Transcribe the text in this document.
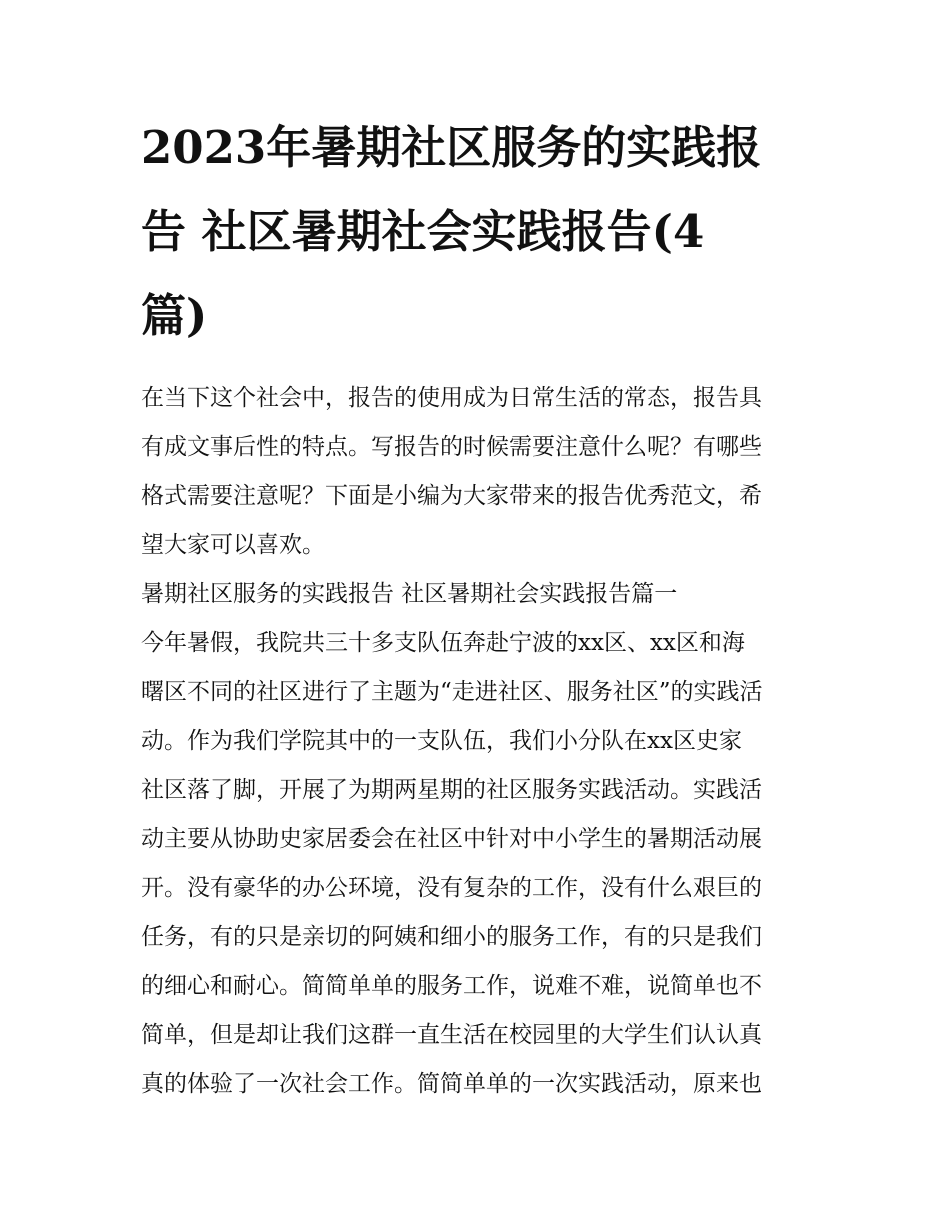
2023年暑期社区服务的实践报
告 社区暑期社会实践报告(4
篇)
在当下这个社会中，报告的使用成为日常生活的常态，报告具
有成文事后性的特点。写报告的时候需要注意什么呢？有哪些
格式需要注意呢？下面是小编为大家带来的报告优秀范文，希
望大家可以喜欢。
暑期社区服务的实践报告 社区暑期社会实践报告篇一
今年暑假，我院共三十多支队伍奔赴宁波的xx区、xx区和海
曙区不同的社区进行了主题为“走进社区、服务社区”的实践活
动。作为我们学院其中的一支队伍，我们小分队在xx区史家
社区落了脚，开展了为期两星期的社区服务实践活动。实践活
动主要从协助史家居委会在社区中针对中小学生的暑期活动展
开。没有豪华的办公环境，没有复杂的工作，没有什么艰巨的
任务，有的只是亲切的阿姨和细小的服务工作，有的只是我们
的细心和耐心。简简单单的服务工作，说难不难，说简单也不
简单，但是却让我们这群一直生活在校园里的大学生们认认真
真的体验了一次社会工作。简简单单的一次实践活动，原来也
